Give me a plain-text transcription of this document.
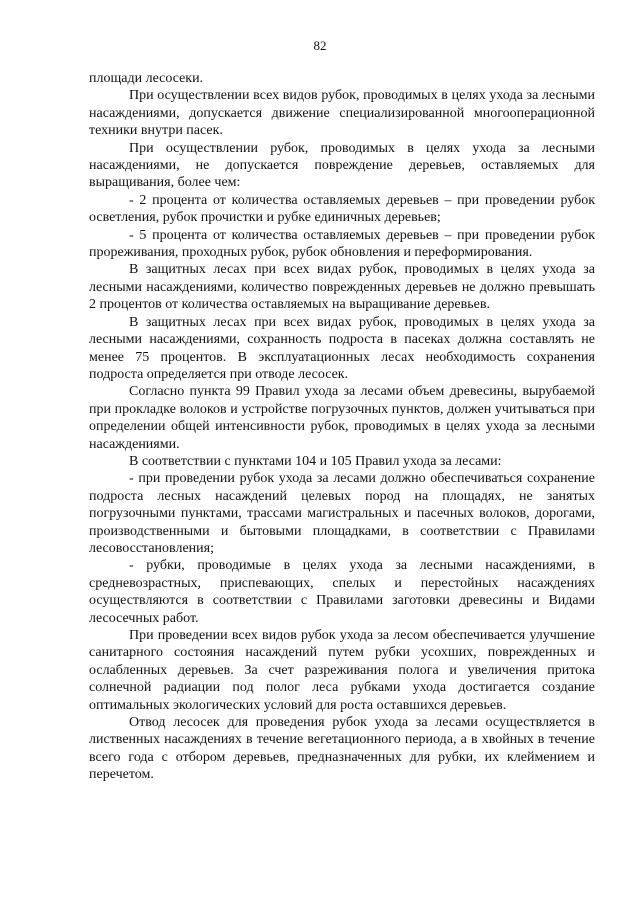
82

площади лесосеки.

При осуществлении всех видов рубок, проводимых в целях ухода за лесными насаждениями, допускается движение специализированной многооперационной техники внутри пасек.

При осуществлении рубок, проводимых в целях ухода за лесными насаждениями, не допускается повреждение деревьев, оставляемых для выращивания, более чем:

- 2 процента от количества оставляемых деревьев – при проведении рубок осветления, рубок прочистки и рубке единичных деревьев;

- 5 процента от количества оставляемых деревьев – при проведении рубок прореживания, проходных рубок, рубок обновления и переформирования.

В защитных лесах при всех видах рубок, проводимых в целях ухода за лесными насаждениями, количество поврежденных деревьев не должно превышать 2 процентов от количества оставляемых на выращивание деревьев.

В защитных лесах при всех видах рубок, проводимых в целях ухода за лесными насаждениями, сохранность подроста в пасеках должна составлять не менее 75 процентов. В эксплуатационных лесах необходимость сохранения подроста определяется при отводе лесосек.

Согласно пункта 99 Правил ухода за лесами объем древесины, вырубаемой при прокладке волоков и устройстве погрузочных пунктов, должен учитываться при определении общей интенсивности рубок, проводимых в целях ухода за лесными насаждениями.

В соответствии с пунктами 104 и 105 Правил ухода за лесами:

- при проведении рубок ухода за лесами должно обеспечиваться сохранение подроста лесных насаждений целевых пород на площадях, не занятых погрузочными пунктами, трассами магистральных и пасечных волоков, дорогами, производственными и бытовыми площадками, в соответствии с Правилами лесовосстановления;

- рубки, проводимые в целях ухода за лесными насаждениями, в средневозрастных, приспевающих, спелых и перестойных насаждениях осуществляются в соответствии с Правилами заготовки древесины и Видами лесосечных работ.

При проведении всех видов рубок ухода за лесом обеспечивается улучшение санитарного состояния насаждений путем рубки усохших, поврежденных и ослабленных деревьев. За счет разреживания полога и увеличения притока солнечной радиации под полог леса рубками ухода достигается создание оптимальных экологических условий для роста оставшихся деревьев.

Отвод лесосек для проведения рубок ухода за лесами осуществляется в лиственных насаждениях в течение вегетационного периода, а в хвойных в течение всего года с отбором деревьев, предназначенных для рубки, их клеймением и перечетом.
